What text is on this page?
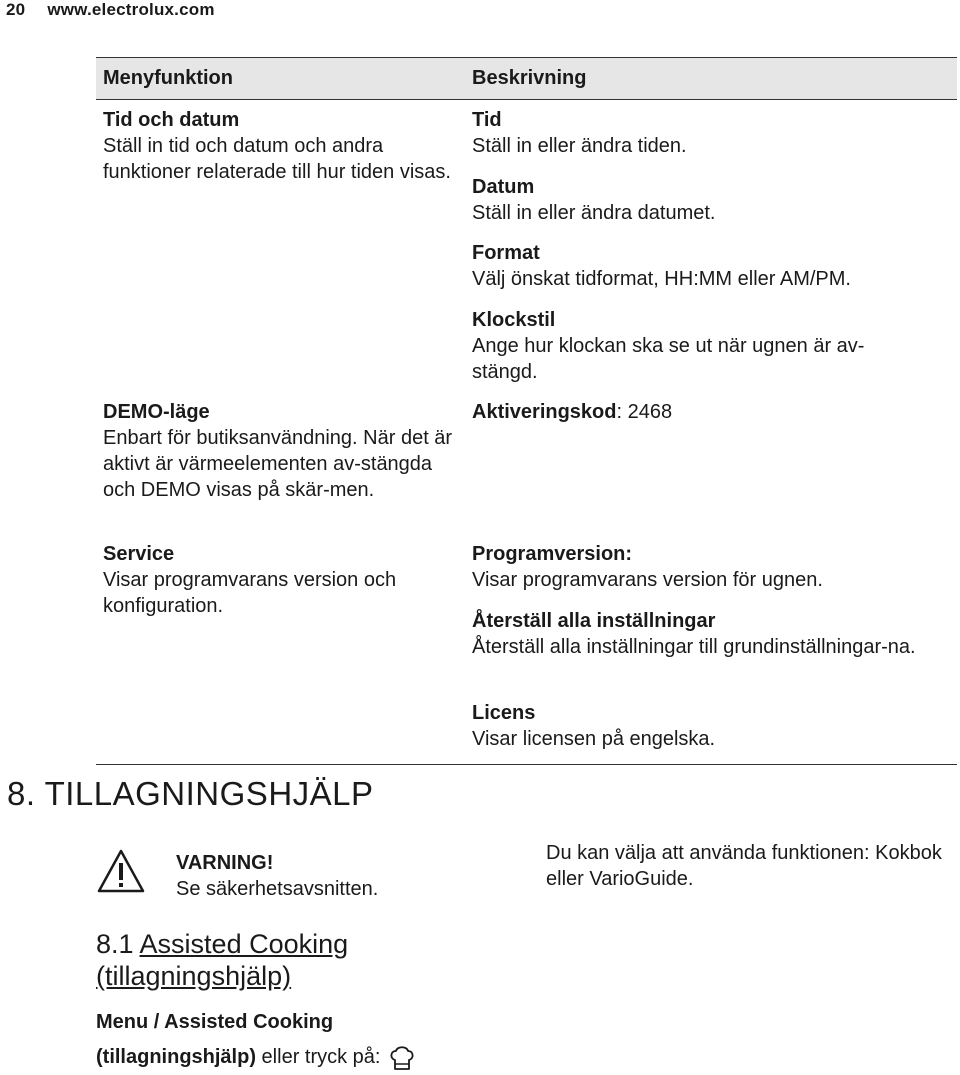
20 www.electrolux.com
Menyfunktion	Beskrivning
Tid och datum
Ställ in tid och datum och andra funktioner relaterade till hur tiden visas.
Tid
Ställ in eller ändra tiden.
Datum
Ställ in eller ändra datumet.
Format
Välj önskat tidformat, HH:MM eller AM/PM.
Klockstil
Ange hur klockan ska se ut när ugnen är av-stängd.
DEMO-läge
Enbart för butiksanvändning. När det är aktivt är värmeelementen av-stängda och DEMO visas på skär-men.
Aktiveringskod: 2468
Service
Visar programvarans version och konfiguration.
Programversion:
Visar programvarans version för ugnen.
Återställ alla inställningar
Återställ alla inställningar till grundinställningar-na.
Licens
Visar licensen på engelska.
8. TILLAGNINGSHJÄLP
VARNING!
Se säkerhetsavsnitten.
Du kan välja att använda funktionen: Kokbok eller VarioGuide.
8.1 Assisted Cooking
(tillagningshjälp)
Menu / Assisted Cooking
(tillagningshjälp) eller tryck på:
